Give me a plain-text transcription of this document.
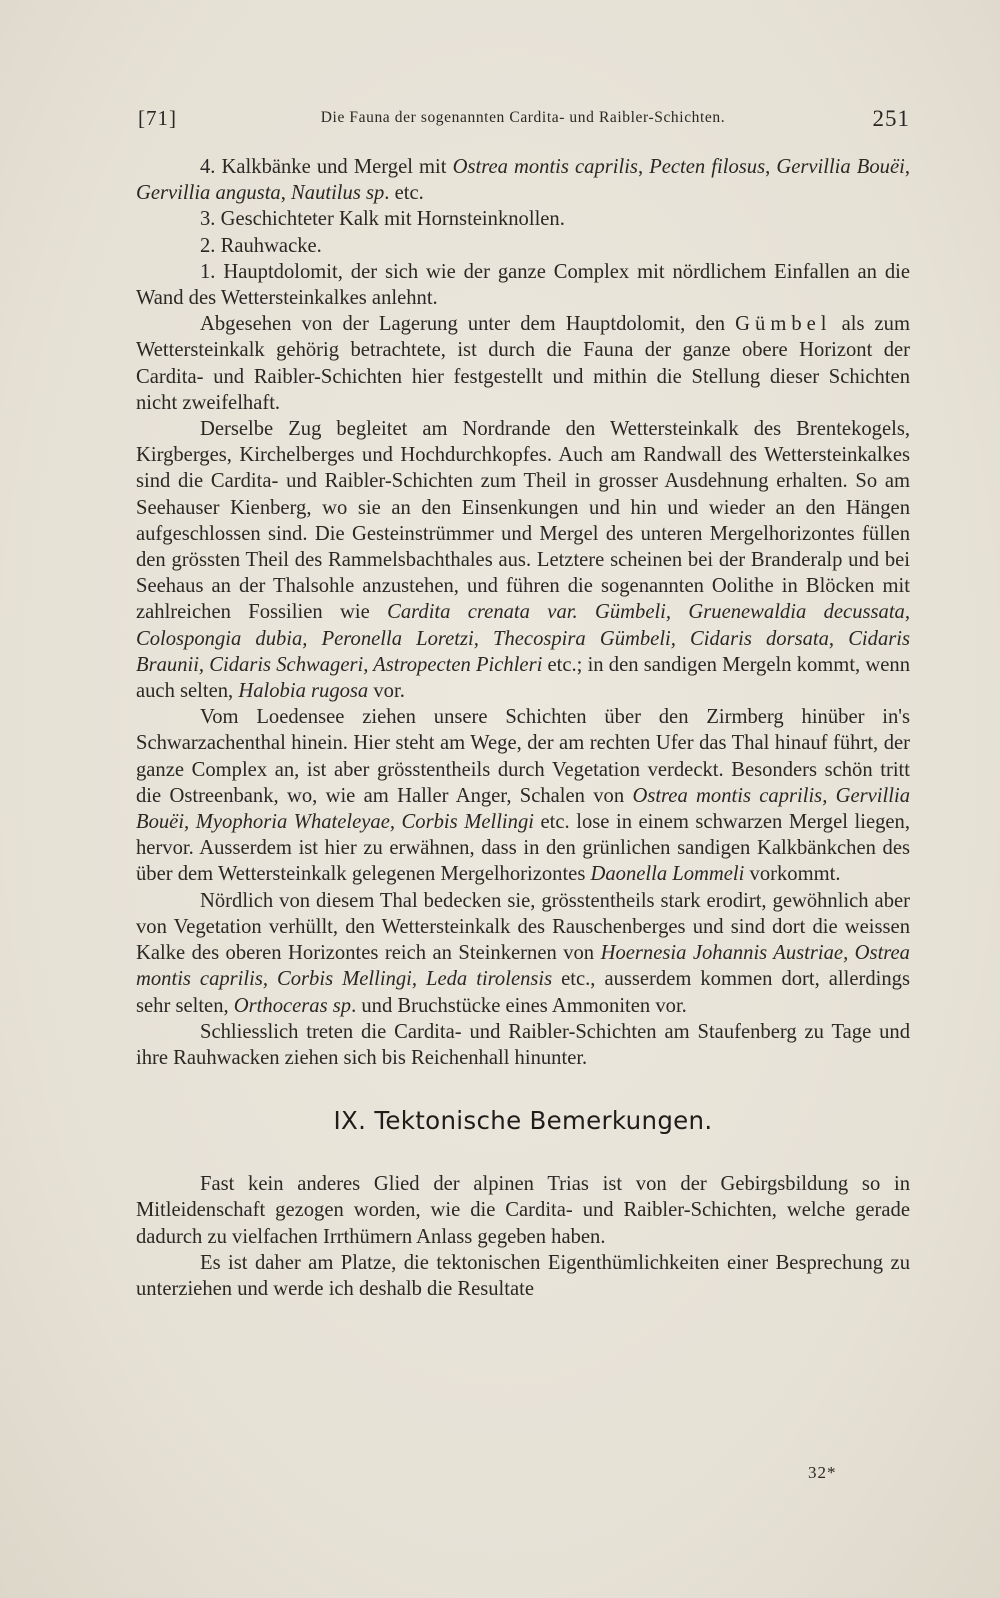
[71]	Die Fauna der sogenannten Cardita- und Raibler-Schichten.	251

4. Kalkbänke und Mergel mit Ostrea montis caprilis, Pecten filosus, Gervillia Bouëi, Gervillia angusta, Nautilus sp. etc.

3. Geschichteter Kalk mit Hornsteinknollen.

2. Rauhwacke.

1. Hauptdolomit, der sich wie der ganze Complex mit nördlichem Einfallen an die Wand des Wettersteinkalkes anlehnt.

Abgesehen von der Lagerung unter dem Hauptdolomit, den Gümbel als zum Wettersteinkalk gehörig betrachtete, ist durch die Fauna der ganze obere Horizont der Cardita- und Raibler-Schichten hier festgestellt und mithin die Stellung dieser Schichten nicht zweifelhaft.

Derselbe Zug begleitet am Nordrande den Wettersteinkalk des Brentekogels, Kirgberges, Kirchelberges und Hochdurchkopfes. Auch am Randwall des Wettersteinkalkes sind die Cardita- und Raibler-Schichten zum Theil in grosser Ausdehnung erhalten. So am Seehauser Kienberg, wo sie an den Einsenkungen und hin und wieder an den Hängen aufgeschlossen sind. Die Gesteinstrümmer und Mergel des unteren Mergelhorizontes füllen den grössten Theil des Rammelsbachthales aus. Letztere scheinen bei der Branderalp und bei Seehaus an der Thalsohle anzustehen, und führen die sogenannten Oolithe in Blöcken mit zahlreichen Fossilien wie Cardita crenata var. Gümbeli, Gruenewaldia decussata, Colospongia dubia, Peronella Loretzi, Thecospira Gümbeli, Cidaris dorsata, Cidaris Braunii, Cidaris Schwageri, Astropecten Pichleri etc.; in den sandigen Mergeln kommt, wenn auch selten, Halobia rugosa vor.

Vom Loedensee ziehen unsere Schichten über den Zirmberg hinüber in's Schwarzachenthal hinein. Hier steht am Wege, der am rechten Ufer das Thal hinauf führt, der ganze Complex an, ist aber grösstentheils durch Vegetation verdeckt. Besonders schön tritt die Ostreenbank, wo, wie am Haller Anger, Schalen von Ostrea montis caprilis, Gervillia Bouëi, Myophoria Whateleyae, Corbis Mellingi etc. lose in einem schwarzen Mergel liegen, hervor. Ausserdem ist hier zu erwähnen, dass in den grünlichen sandigen Kalkbänkchen des über dem Wettersteinkalk gelegenen Mergelhorizontes Daonella Lommeli vorkommt.

Nördlich von diesem Thal bedecken sie, grösstentheils stark erodirt, gewöhnlich aber von Vegetation verhüllt, den Wettersteinkalk des Rauschenberges und sind dort die weissen Kalke des oberen Horizontes reich an Steinkernen von Hoernesia Johannis Austriae, Ostrea montis caprilis, Corbis Mellingi, Leda tirolensis etc., ausserdem kommen dort, allerdings sehr selten, Orthoceras sp. und Bruchstücke eines Ammoniten vor.

Schliesslich treten die Cardita- und Raibler-Schichten am Staufenberg zu Tage und ihre Rauhwacken ziehen sich bis Reichenhall hinunter.

IX. Tektonische Bemerkungen.

Fast kein anderes Glied der alpinen Trias ist von der Gebirgsbildung so in Mitleidenschaft gezogen worden, wie die Cardita- und Raibler-Schichten, welche gerade dadurch zu vielfachen Irrthümern Anlass gegeben haben.

Es ist daher am Platze, die tektonischen Eigenthümlichkeiten einer Besprechung zu unterziehen und werde ich deshalb die Resultate

32*
